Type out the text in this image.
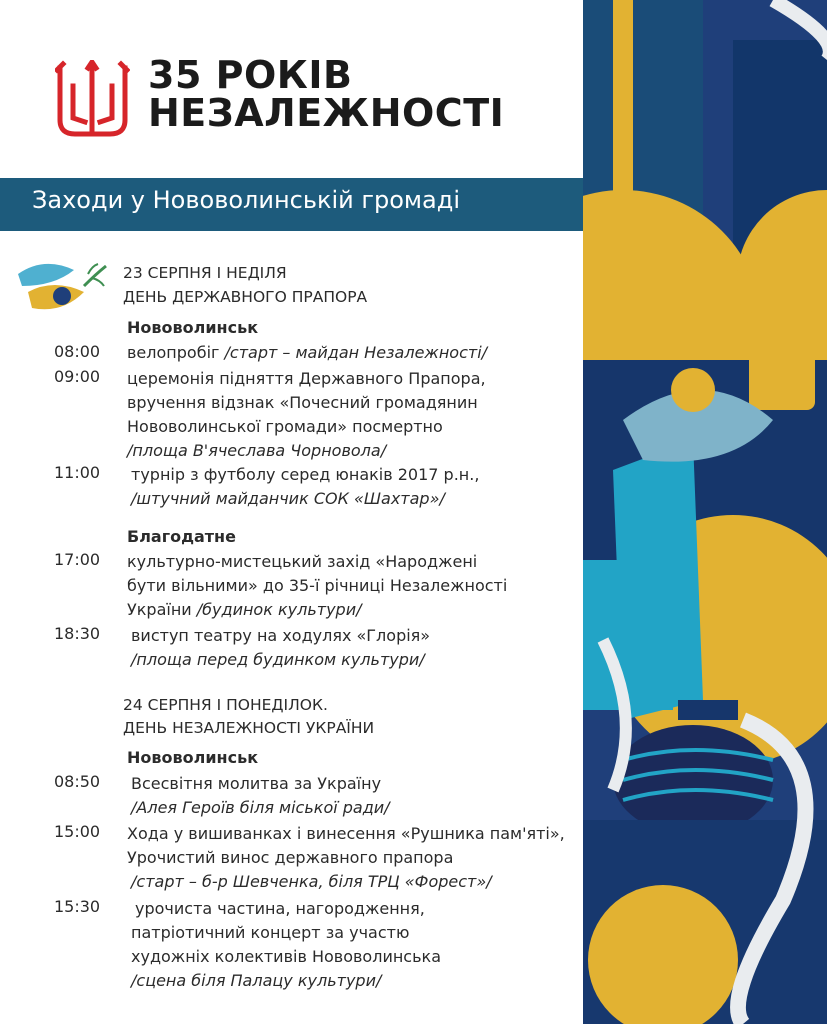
35 РОКІВ
НЕЗАЛЕЖНОСТІ
Заходи у Нововолинській громаді
23 СЕРПНЯ І НЕДІЛЯ
ДЕНЬ ДЕРЖАВНОГО ПРАПОРА
Нововолинськ
08:00 велопробіг /старт – майдан Незалежності/
09:00 церемонія підняття Державного Прапора,
вручення відзнак «Почесний громадянин
Нововолинської громади» посмертно
/площа В'ячеслава Чорновола/
11:00 турнір з футболу серед юнаків 2017 р.н.,
/штучний майданчик СОК «Шахтар»/
Благодатне
17:00 культурно-мистецький захід «Народжені
бути вільними» до 35-ї річниці Незалежності
України /будинок культури/
18:30 виступ театру на ходулях «Глорія»
/площа перед будинком культури/
24 СЕРПНЯ І ПОНЕДІЛОК.
ДЕНЬ НЕЗАЛЕЖНОСТІ УКРАЇНИ
Нововолинськ
08:50 Всесвітня молитва за Україну
/Алея Героїв біля міської ради/
15:00 Хода у вишиванках і винесення «Рушника пам'яті»,
Урочистий винос державного прапора
/старт – б-р Шевченка, біля ТРЦ «Форест»/
15:30 урочиста частина, нагородження,
патріотичний концерт за участю
художніх колективів Нововолинська
/сцена біля Палацу культури/
